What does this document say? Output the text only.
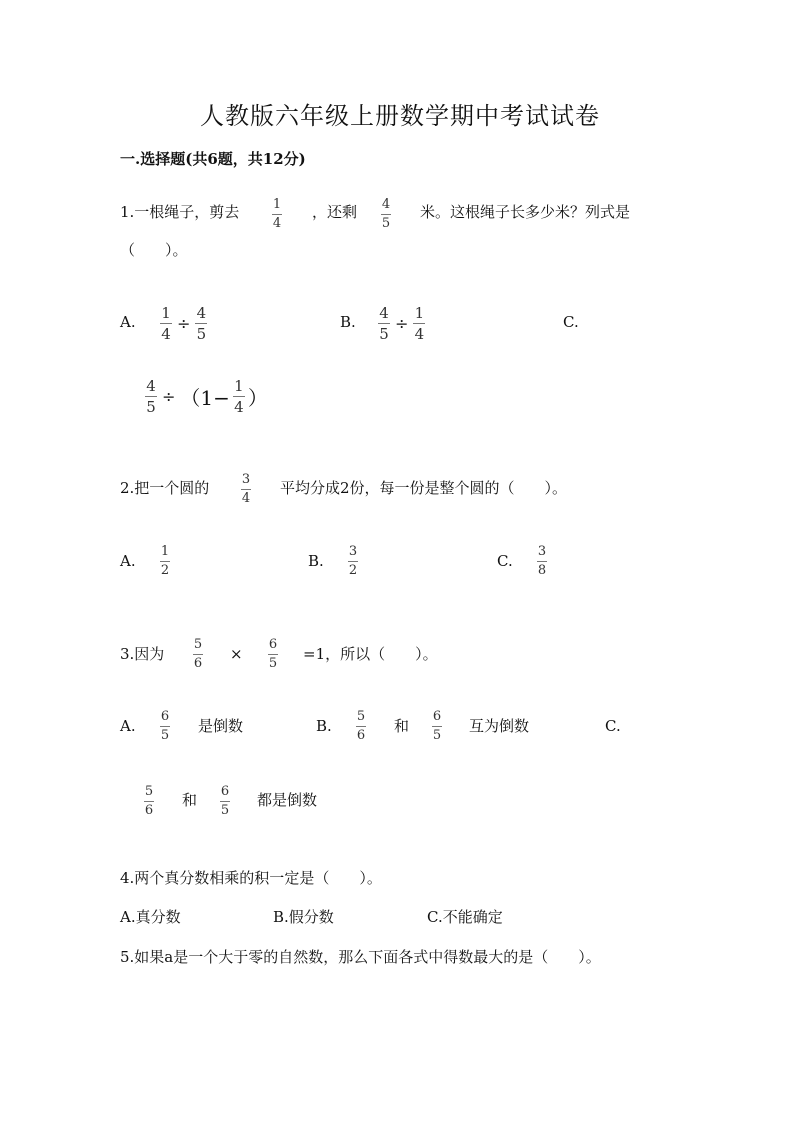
人教版六年级上册数学期中考试试卷
一.选择题(共6题，共12分)
1.一根绳子，剪去	1
4
，还剩 4
5
米。这根绳子长多少米？列式是
（　　）。
A. $\frac{1}{4} \div \frac{4}{5}$	B. $\frac{4}{5} \div \frac{1}{4}$	C.
$\frac{4}{5} \div (1- \frac{1}{4}$ ）
2.把一个圆的	3
4
平均分成2份，每一份是整个圆的（　　）。
A.
1
2
B.
3
2
C.
3
8
3.因为
5
6
×
6
5
=1，所以（　　）。
A.
6
5
是倒数	B.
5
6
和
6
5
互为倒数	C.
5
6
和 6
5
都是倒数
4.两个真分数相乘的积一定是（　　）。
A.真分数	B.假分数	C.不能确定
5.如果a是一个大于零的自然数，那么下面各式中得数最大的是（　　）。
